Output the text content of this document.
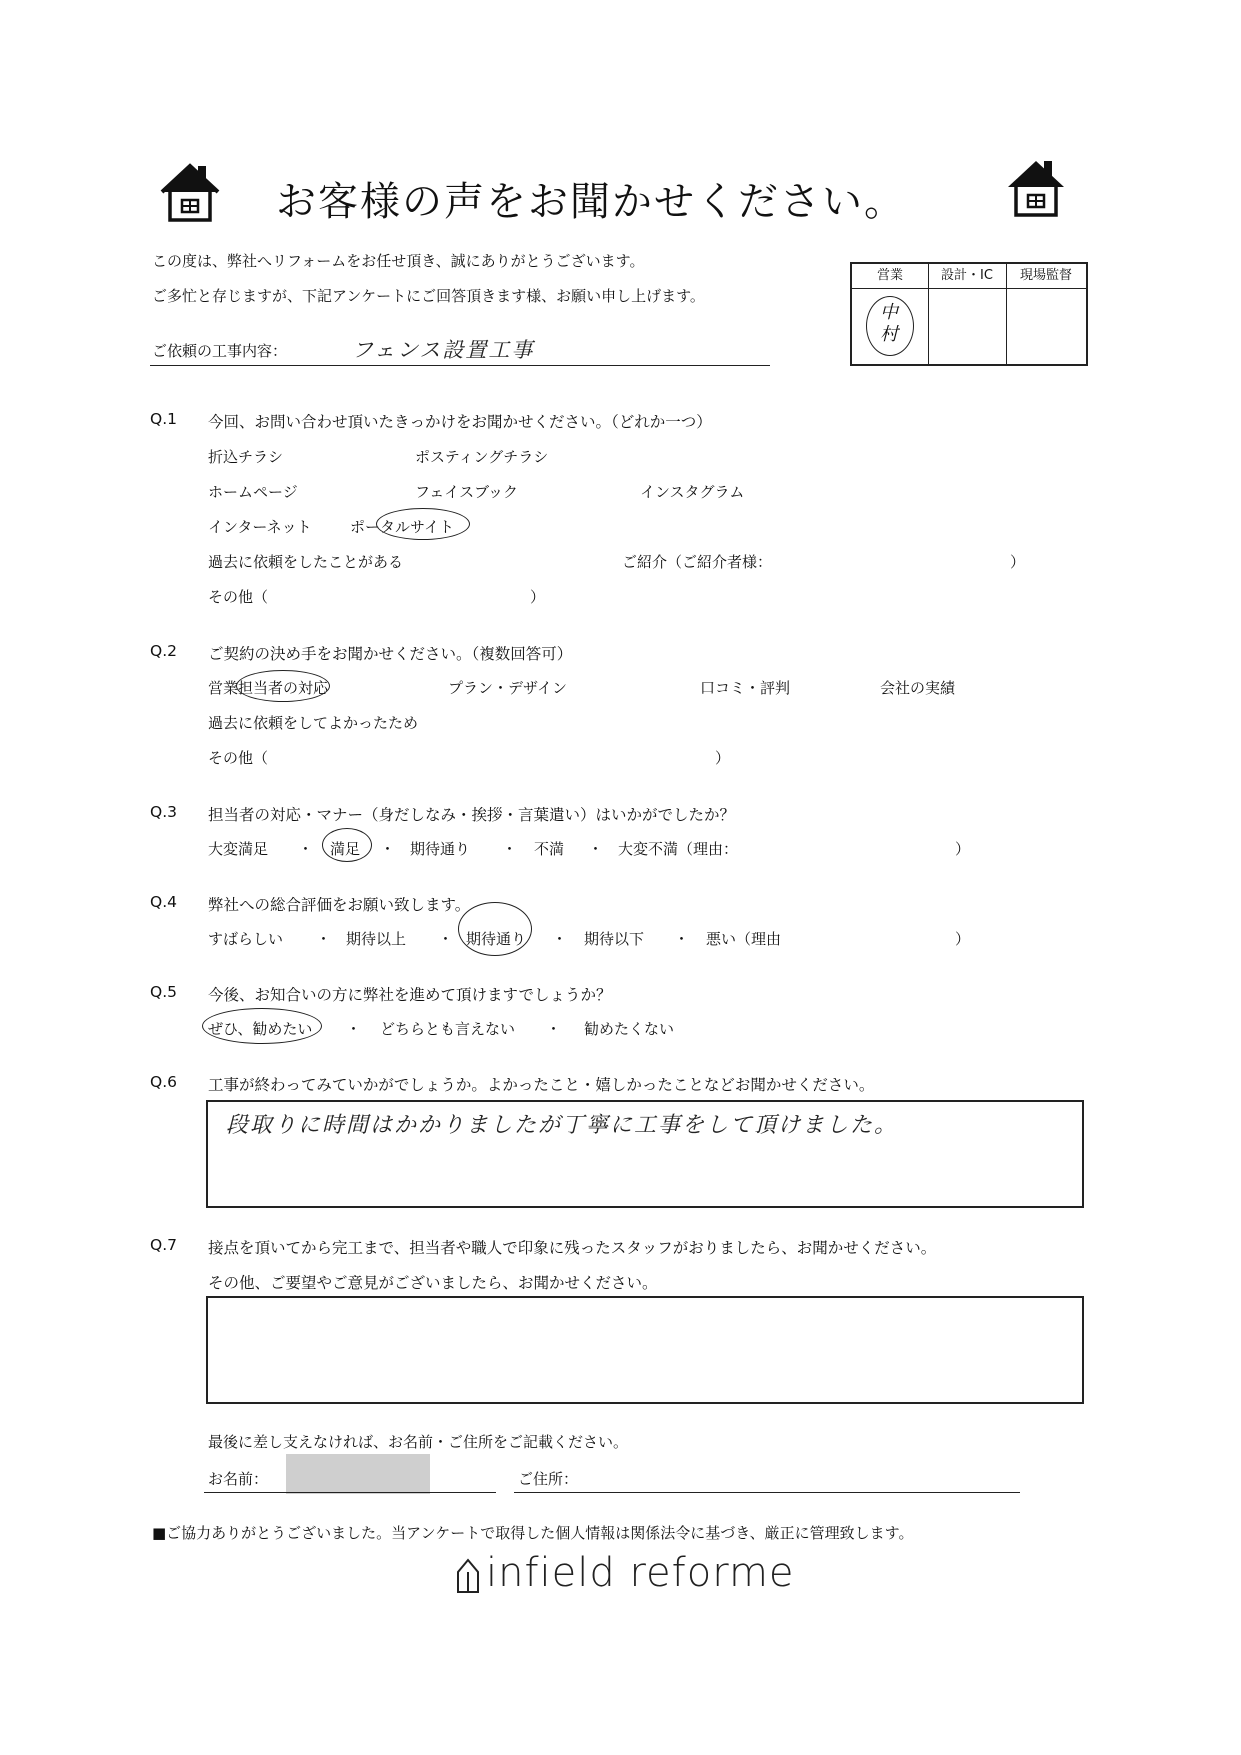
お客様の声をお聞かせください。
この度は、弊社へリフォームをお任せ頂き、誠にありがとうございます。
ご多忙と存じますが、下記アンケートにご回答頂きます様、お願い申し上げます。
営業	設計・IC	現場監督
中村
ご依頼の工事内容：	フェンス設置工事
Q.1 今回、お問い合わせ頂いたきっかけをお聞かせください。（どれか一つ）
折込チラシ	ポスティングチラシ
ホームページ	フェイスブック	インスタグラム
インターネット	ポータルサイト
過去に依頼をしたことがある	ご紹介（ご紹介者様：	）
その他（	）
Q.2 ご契約の決め手をお聞かせください。（複数回答可）
営業担当者の対応	プラン・デザイン	口コミ・評判	会社の実績
過去に依頼をしてよかったため
その他（	）
Q.3 担当者の対応・マナー（身だしなみ・挨拶・言葉遣い）はいかがでしたか？
大変満足 ・ 満足 ・ 期待通り ・ 不満 ・ 大変不満（理由：	）
Q.4 弊社への総合評価をお願い致します。
すばらしい ・ 期待以上 ・ 期待通り ・ 期待以下 ・ 悪い（理由	）
Q.5 今後、お知合いの方に弊社を進めて頂けますでしょうか？
ぜひ、勧めたい ・ どちらとも言えない ・ 勧めたくない
Q.6 工事が終わってみていかがでしょうか。よかったこと・嬉しかったことなどお聞かせください。
段取りに時間はかかりましたが丁寧に工事をして頂けました。
Q.7 接点を頂いてから完工まで、担当者や職人で印象に残ったスタッフがおりましたら、お聞かせください。
その他、ご要望やご意見がございましたら、お聞かせください。
最後に差し支えなければ、お名前・ご住所をご記載ください。
お名前：	ご住所：
■ご協力ありがとうございました。当アンケートで取得した個人情報は関係法令に基づき、厳正に管理致します。
infield reforme
